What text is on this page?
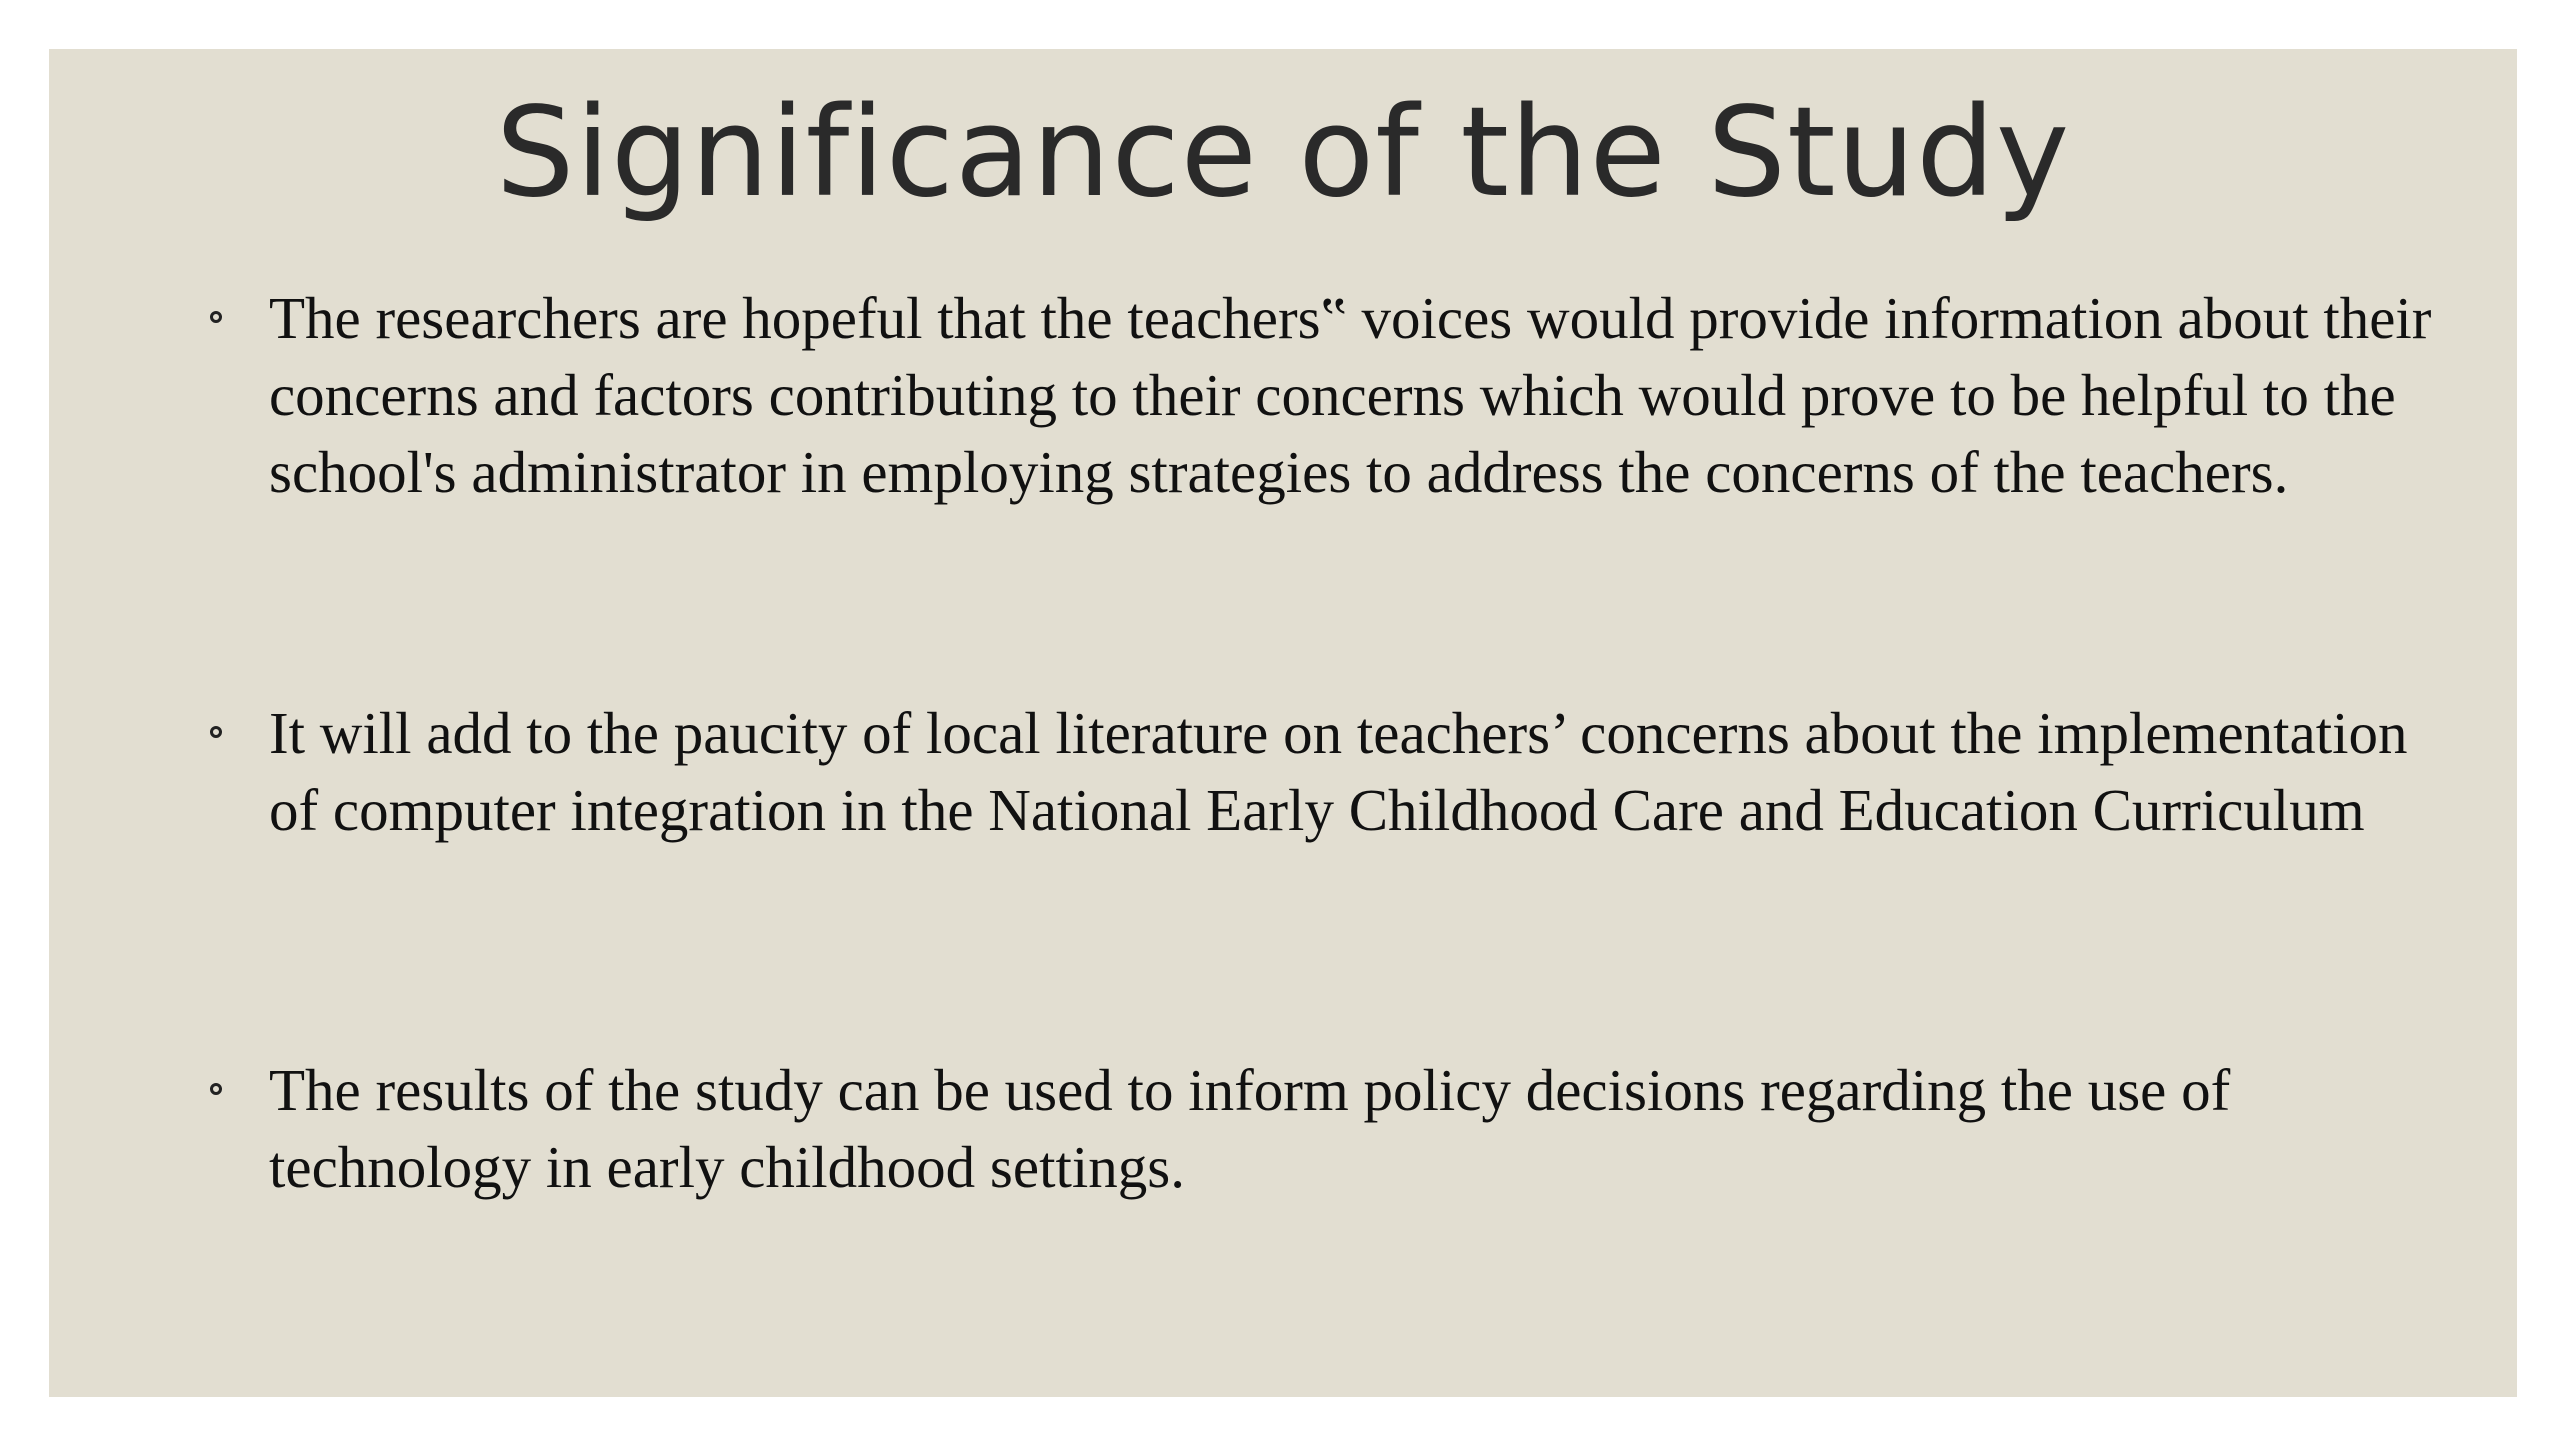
Significance of the Study
The researchers are hopeful that the teachers‟ voices would provide information about their concerns and factors contributing to their concerns which would prove to be helpful to the school's administrator in employing strategies to address the concerns of the teachers.
It will add to the paucity of local literature on teachers’ concerns about the implementation of computer integration in the National Early Childhood Care and Education Curriculum
The results of the study can be used to inform policy decisions regarding the use of technology in early childhood settings.
